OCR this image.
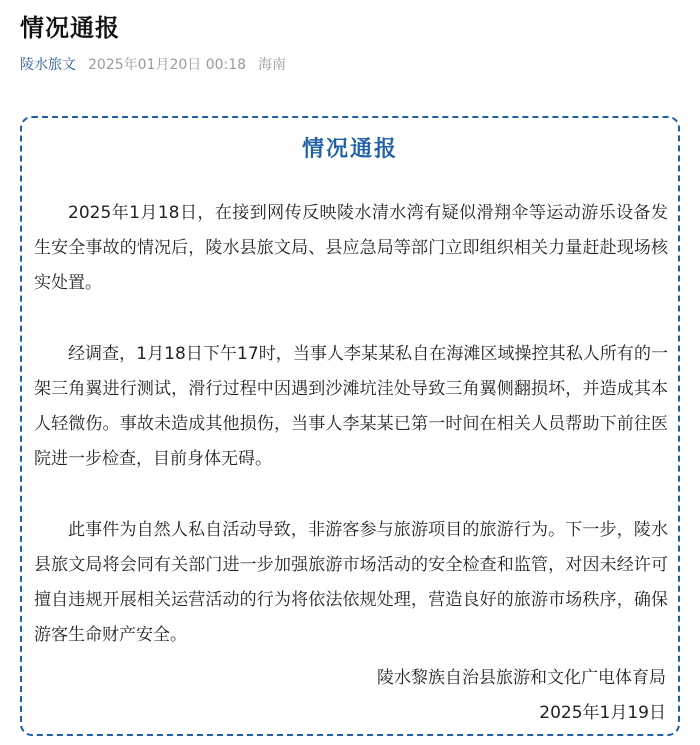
情况通报
陵水旅文 2025年01月20日 00:18 海南
情况通报

2025年1月18日，在接到网传反映陵水清水湾有疑似滑翔伞等运动游乐设备发生安全事故的情况后，陵水县旅文局、县应急局等部门立即组织相关力量赶赴现场核实处置。

经调查，1月18日下午17时，当事人李某某私自在海滩区域操控其私人所有的一架三角翼进行测试，滑行过程中因遇到沙滩坑洼处导致三角翼侧翻损坏，并造成其本人轻微伤。事故未造成其他损伤，当事人李某某已第一时间在相关人员帮助下前往医院进一步检查，目前身体无碍。

此事件为自然人私自活动导致，非游客参与旅游项目的旅游行为。下一步，陵水县旅文局将会同有关部门进一步加强旅游市场活动的安全检查和监管，对因未经许可擅自违规开展相关运营活动的行为将依法依规处理，营造良好的旅游市场秩序，确保游客生命财产安全。

陵水黎族自治县旅游和文化广电体育局
2025年1月19日
